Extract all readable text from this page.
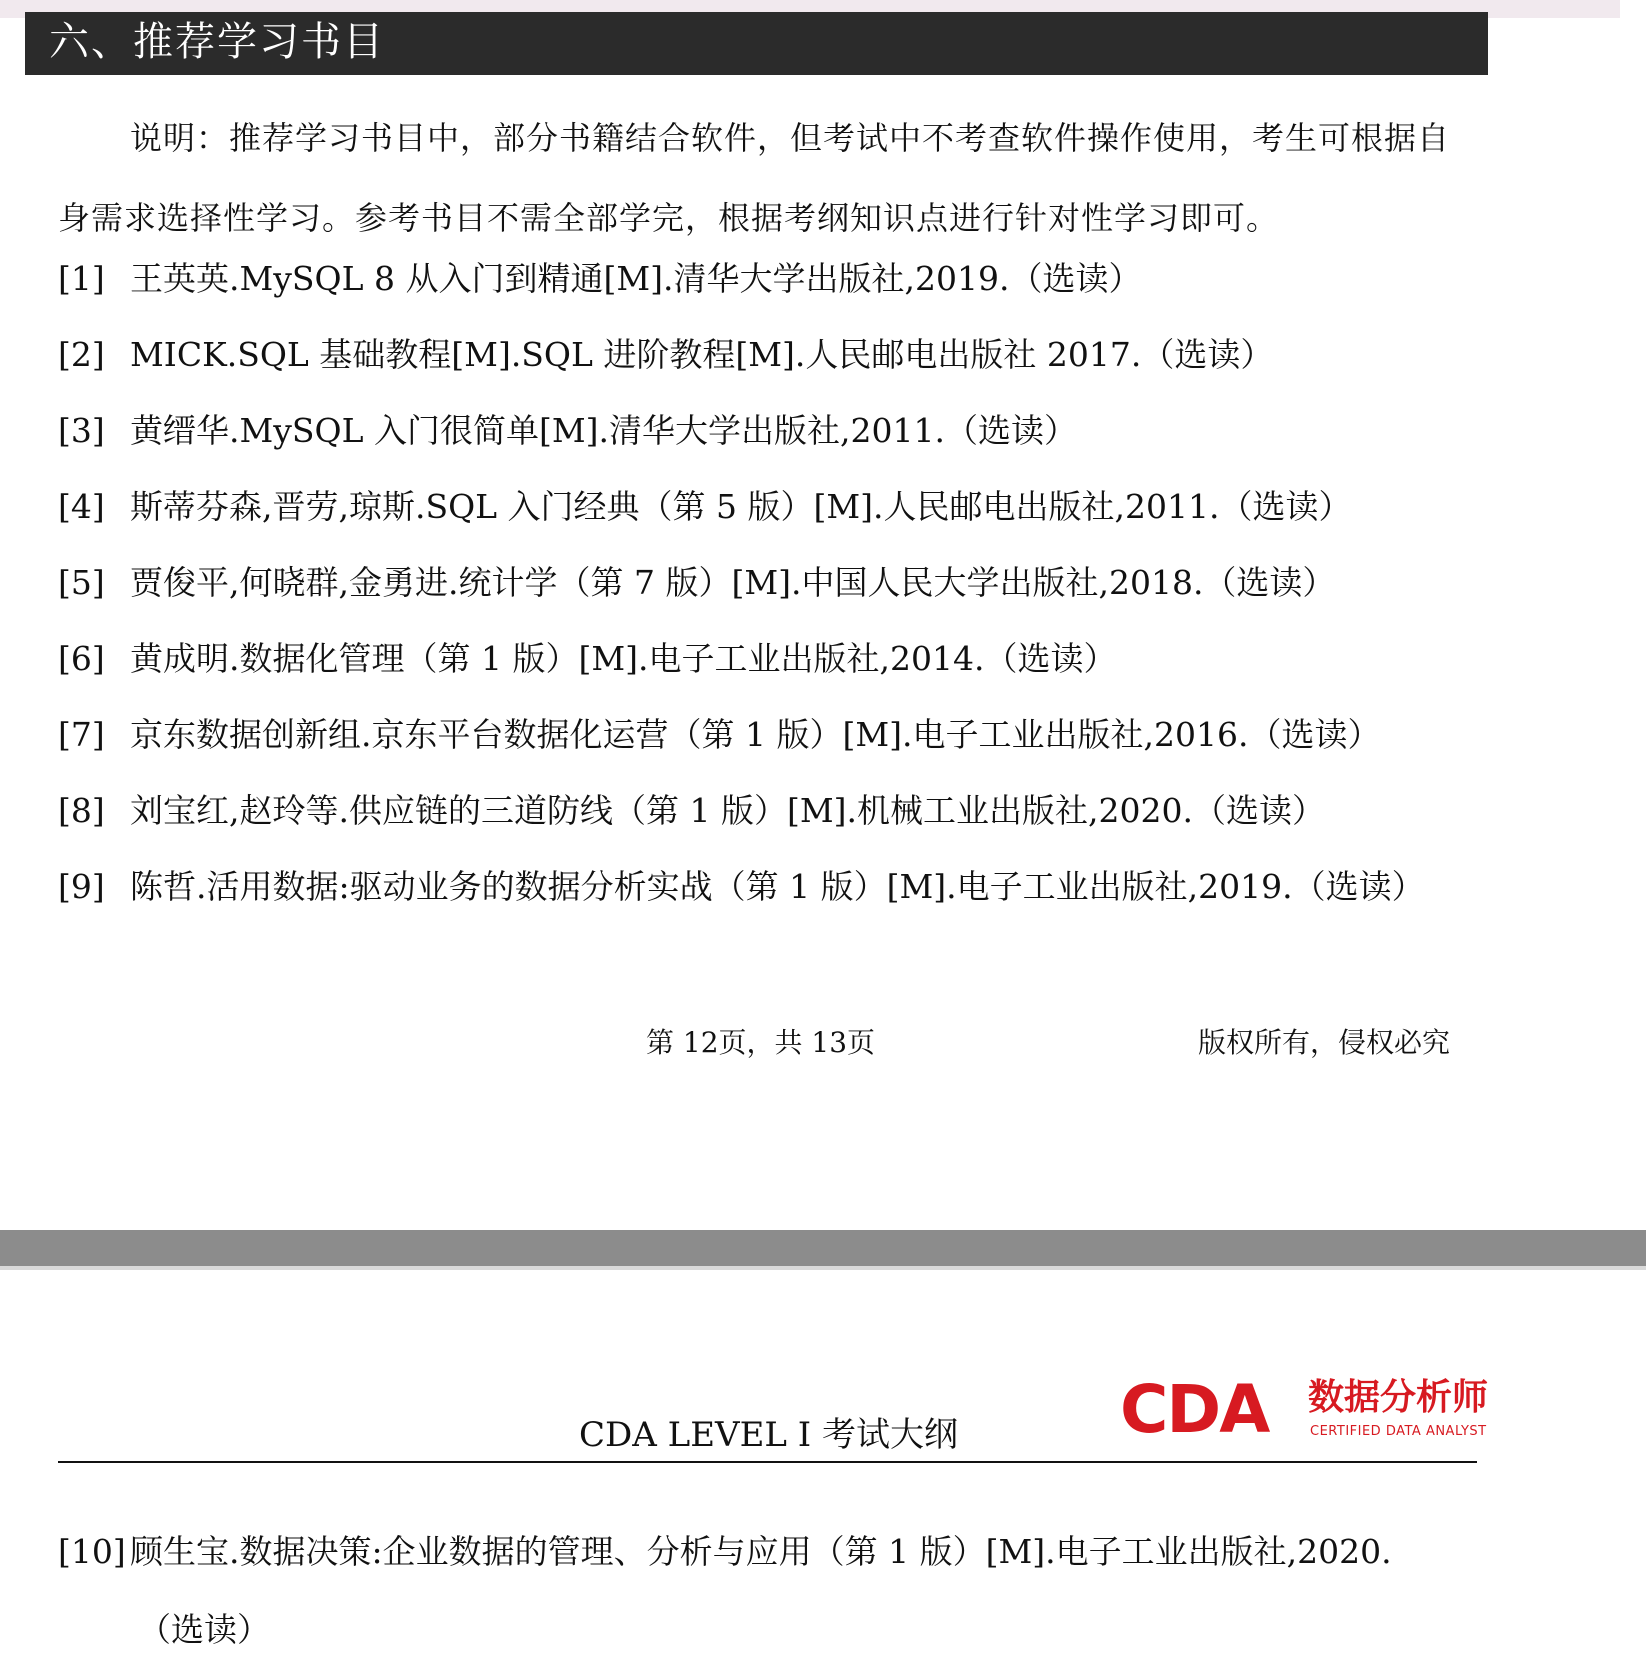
六、推荐学习书目

说明：推荐学习书目中，部分书籍结合软件，但考试中不考查软件操作使用，考生可根据自身需求选择性学习。参考书目不需全部学完，根据考纲知识点进行针对性学习即可。

[1] 王英英.MySQL 8 从入门到精通[M].清华大学出版社,2019.（选读）
[2] MICK.SQL 基础教程[M].SQL 进阶教程[M].人民邮电出版社 2017.（选读）
[3] 黄缙华.MySQL 入门很简单[M].清华大学出版社,2011.（选读）
[4] 斯蒂芬森,晋劳,琼斯.SQL 入门经典（第 5 版）[M].人民邮电出版社,2011.（选读）
[5] 贾俊平,何晓群,金勇进.统计学（第 7 版）[M].中国人民大学出版社,2018.（选读）
[6] 黄成明.数据化管理（第 1 版）[M].电子工业出版社,2014.（选读）
[7] 京东数据创新组.京东平台数据化运营（第 1 版）[M].电子工业出版社,2016.（选读）
[8] 刘宝红,赵玲等.供应链的三道防线（第 1 版）[M].机械工业出版社,2020.（选读）
[9] 陈哲.活用数据:驱动业务的数据分析实战（第 1 版）[M].电子工业出版社,2019.（选读）
第 12页，共 13页	版权所有，侵权必究
CDA LEVEL Ⅰ 考试大纲 CDA 数据分析师
CERTIFIED DATA ANALYST
[10] 顾生宝.数据决策:企业数据的管理、分析与应用（第 1 版）[M].电子工业出版社,2020.
（选读）
